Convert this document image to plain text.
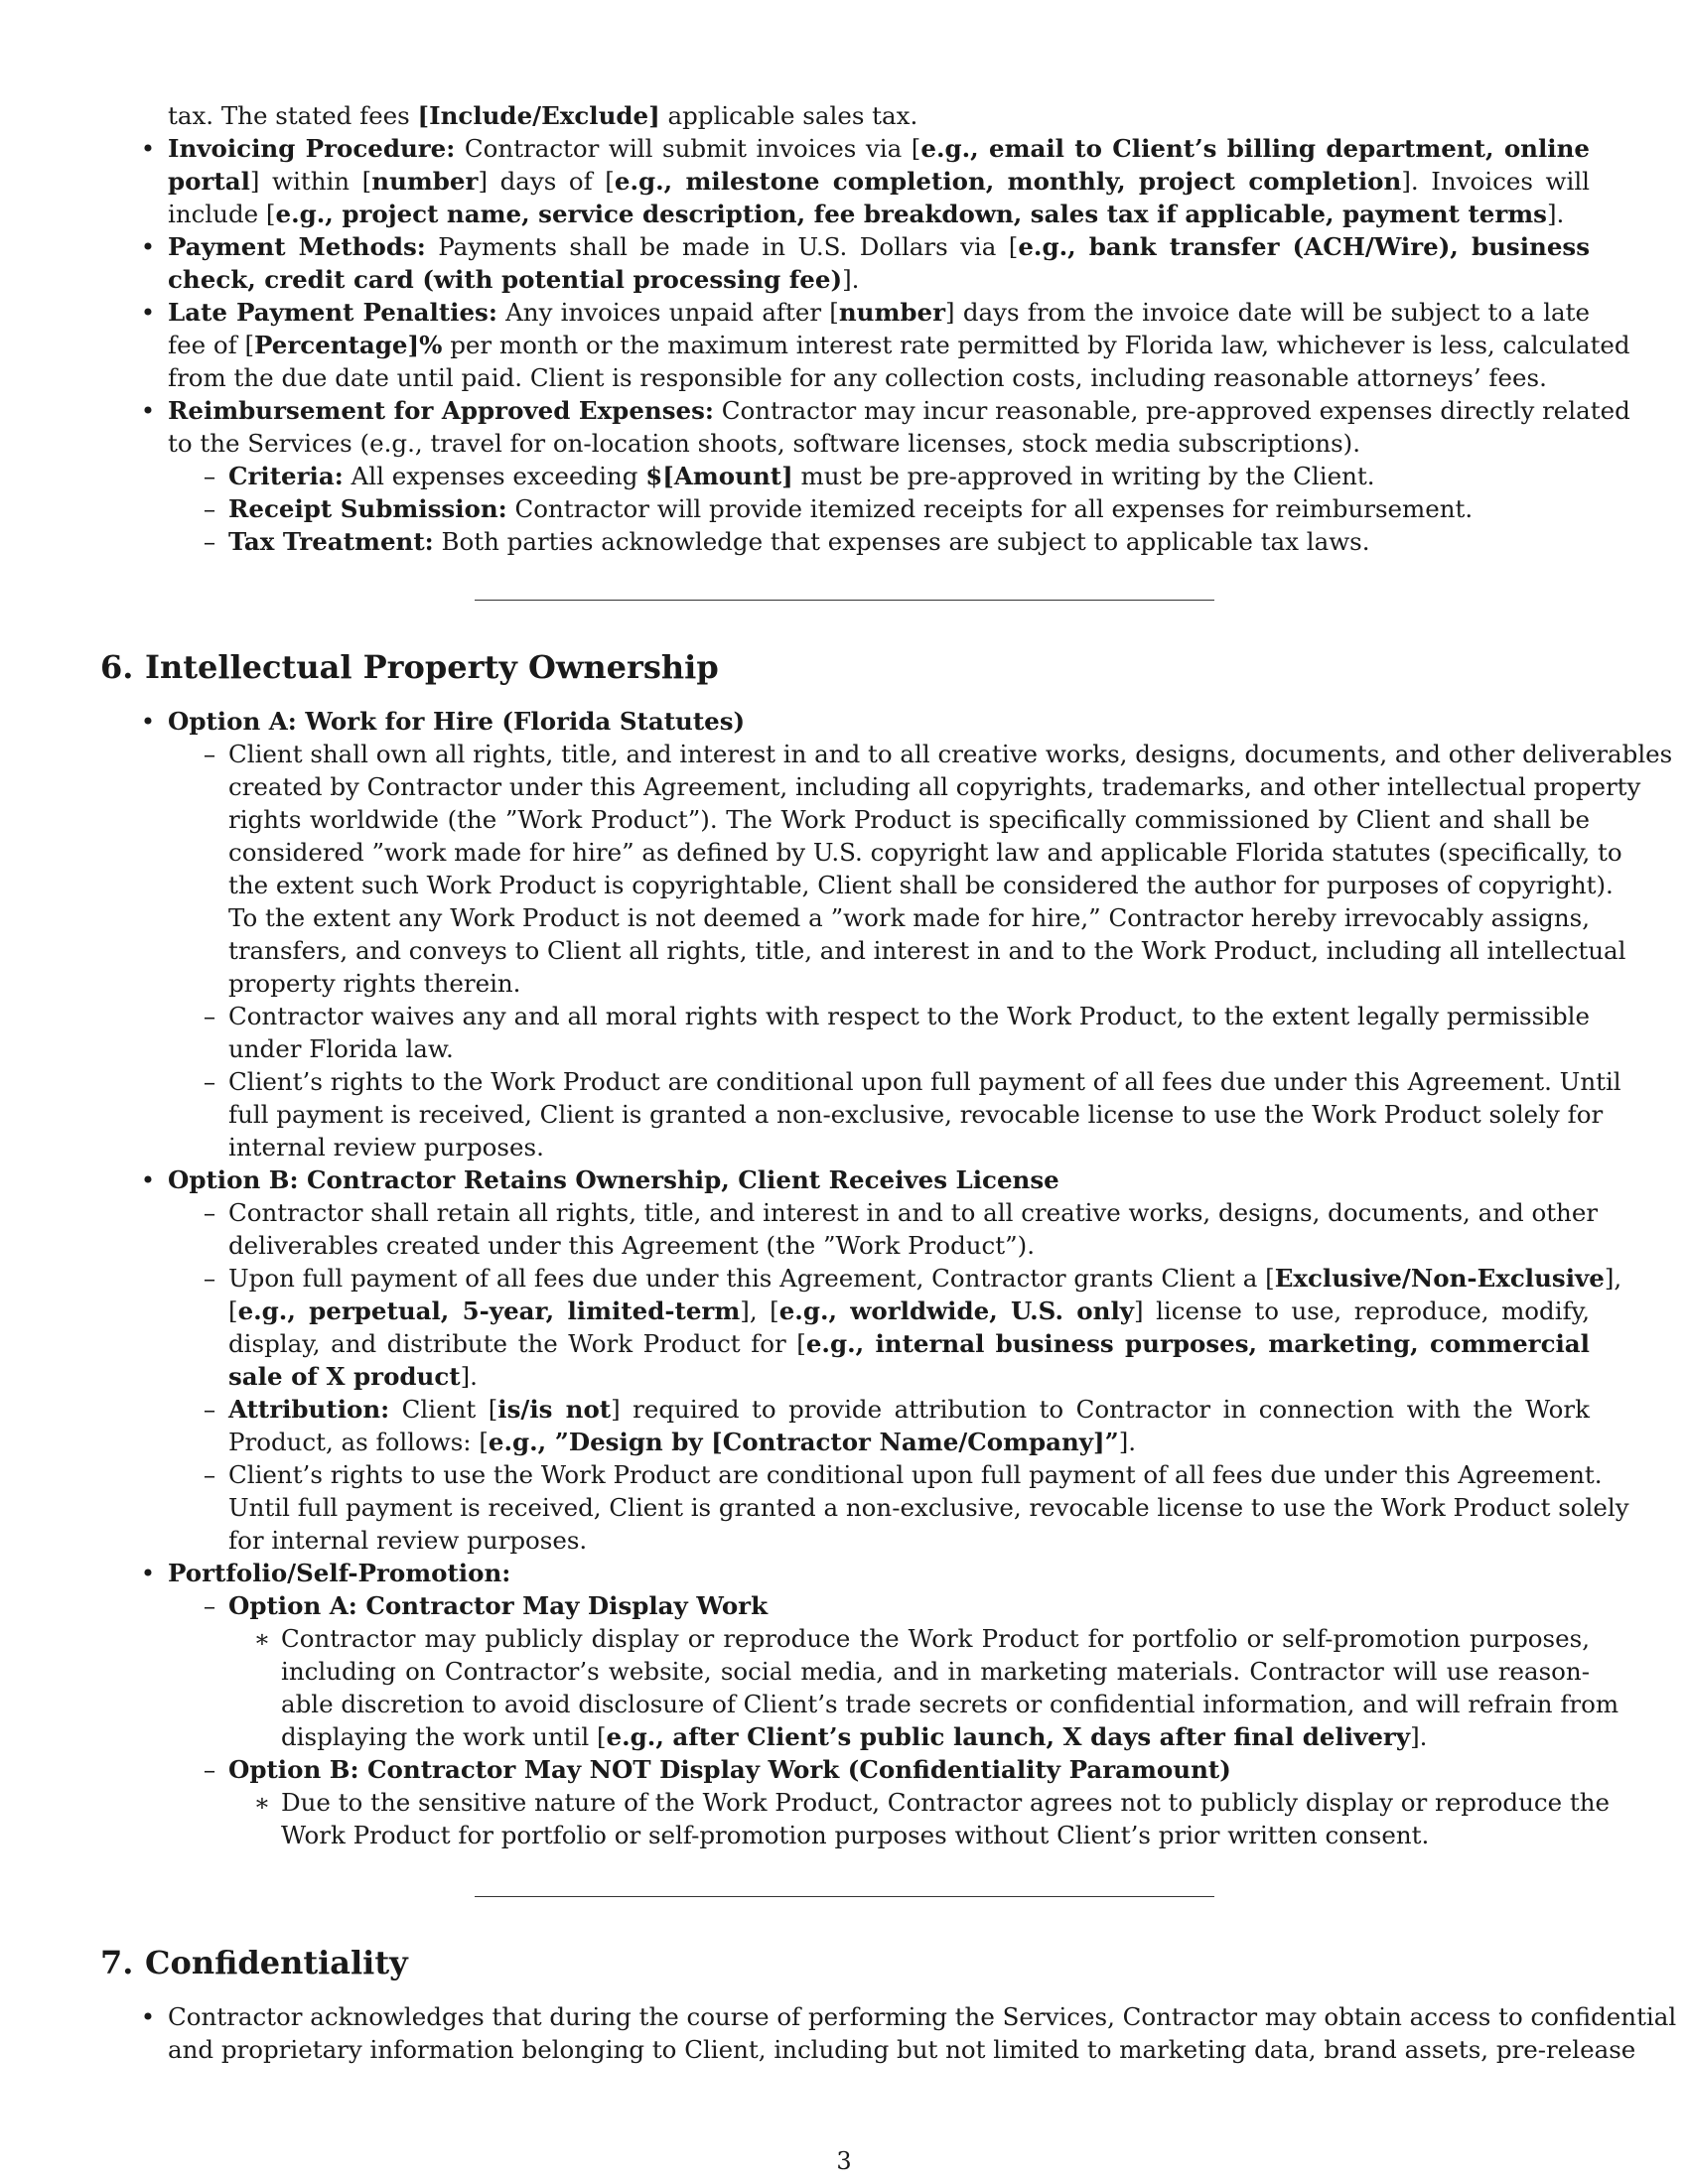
tax. The stated fees [Include/Exclude] applicable sales tax.
• Invoicing Procedure: Contractor will submit invoices via [e.g., email to Client’s billing department, online
portal] within [number] days of [e.g., milestone completion, monthly, project completion]. Invoices will
include [e.g., project name, service description, fee breakdown, sales tax if applicable, payment terms].
• Payment Methods: Payments shall be made in U.S. Dollars via [e.g., bank transfer (ACH/Wire), business
check, credit card (with potential processing fee)].
• Late Payment Penalties: Any invoices unpaid after [number] days from the invoice date will be subject to a late
fee of [Percentage]% per month or the maximum interest rate permitted by Florida law, whichever is less, calculated
from the due date until paid. Client is responsible for any collection costs, including reasonable attorneys’ fees.
• Reimbursement for Approved Expenses: Contractor may incur reasonable, pre-approved expenses directly related
to the Services (e.g., travel for on-location shoots, software licenses, stock media subscriptions).
– Criteria: All expenses exceeding $[Amount] must be pre-approved in writing by the Client.
– Receipt Submission: Contractor will provide itemized receipts for all expenses for reimbursement.
– Tax Treatment: Both parties acknowledge that expenses are subject to applicable tax laws.
6. Intellectual Property Ownership
• Option A: Work for Hire (Florida Statutes)
– Client shall own all rights, title, and interest in and to all creative works, designs, documents, and other deliverables
created by Contractor under this Agreement, including all copyrights, trademarks, and other intellectual property
rights worldwide (the ”Work Product”). The Work Product is specifically commissioned by Client and shall be
considered ”work made for hire” as defined by U.S. copyright law and applicable Florida statutes (specifically, to
the extent such Work Product is copyrightable, Client shall be considered the author for purposes of copyright).
To the extent any Work Product is not deemed a ”work made for hire,” Contractor hereby irrevocably assigns,
transfers, and conveys to Client all rights, title, and interest in and to the Work Product, including all intellectual
property rights therein.
– Contractor waives any and all moral rights with respect to the Work Product, to the extent legally permissible
under Florida law.
– Client’s rights to the Work Product are conditional upon full payment of all fees due under this Agreement. Until
full payment is received, Client is granted a non-exclusive, revocable license to use the Work Product solely for
internal review purposes.
• Option B: Contractor Retains Ownership, Client Receives License
– Contractor shall retain all rights, title, and interest in and to all creative works, designs, documents, and other
deliverables created under this Agreement (the ”Work Product”).
– Upon full payment of all fees due under this Agreement, Contractor grants Client a [Exclusive/Non-Exclusive],
[e.g., perpetual, 5-year, limited-term], [e.g., worldwide, U.S. only] license to use, reproduce, modify,
display, and distribute the Work Product for [e.g., internal business purposes, marketing, commercial
sale of X product].
– Attribution: Client [is/is not] required to provide attribution to Contractor in connection with the Work
Product, as follows: [e.g., ”Design by [Contractor Name/Company]”].
– Client’s rights to use the Work Product are conditional upon full payment of all fees due under this Agreement.
Until full payment is received, Client is granted a non-exclusive, revocable license to use the Work Product solely
for internal review purposes.
• Portfolio/Self-Promotion:
– Option A: Contractor May Display Work
∗ Contractor may publicly display or reproduce the Work Product for portfolio or self-promotion purposes,
including on Contractor’s website, social media, and in marketing materials. Contractor will use reason-
able discretion to avoid disclosure of Client’s trade secrets or confidential information, and will refrain from
displaying the work until [e.g., after Client’s public launch, X days after final delivery].
– Option B: Contractor May NOT Display Work (Confidentiality Paramount)
∗ Due to the sensitive nature of the Work Product, Contractor agrees not to publicly display or reproduce the
Work Product for portfolio or self-promotion purposes without Client’s prior written consent.
7. Confidentiality
• Contractor acknowledges that during the course of performing the Services, Contractor may obtain access to confidential
and proprietary information belonging to Client, including but not limited to marketing data, brand assets, pre-release
3
